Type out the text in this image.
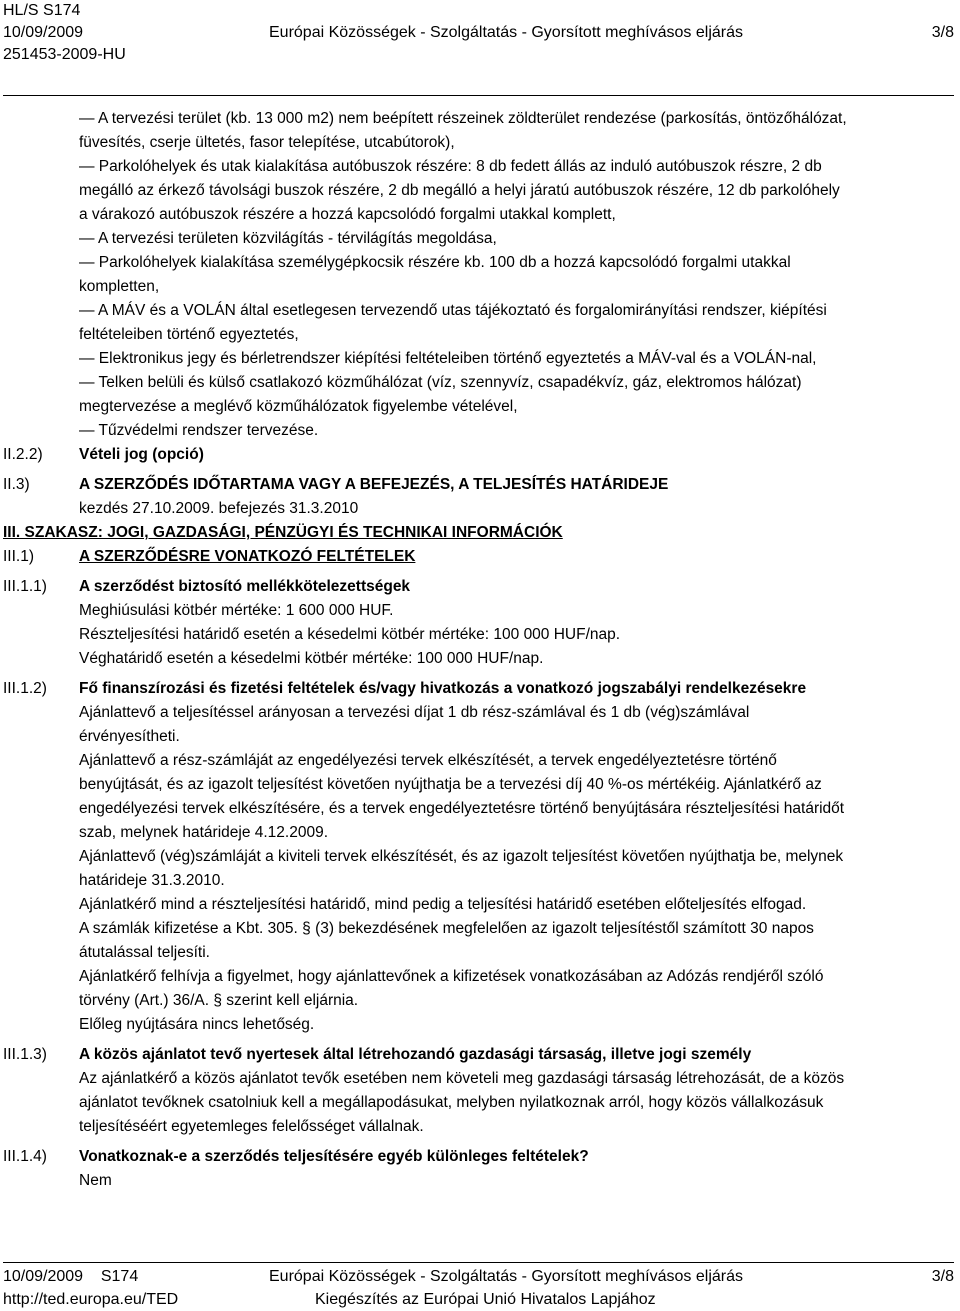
HL/S S174
10/09/2009
251453-2009-HU
Európai Közösségek - Szolgáltatás - Gyorsított meghívásos eljárás	3/8
— A tervezési terület (kb. 13 000 m2) nem beépített részeinek zöldterület rendezése (parkosítás, öntözőhálózat,
füvesítés, cserje ültetés, fasor telepítése, utcabútorok),
— Parkolóhelyek és utak kialakítása autóbuszok részére: 8 db fedett állás az induló autóbuszok részre, 2 db
megálló az érkező távolsági buszok részére, 2 db megálló a helyi járatú autóbuszok részére, 12 db parkolóhely
a várakozó autóbuszok részére a hozzá kapcsolódó forgalmi utakkal komplett,
— A tervezési területen közvilágítás - térvilágítás megoldása,
— Parkolóhelyek kialakítása személygépkocsik részére kb. 100 db a hozzá kapcsolódó forgalmi utakkal
kompletten,
— A MÁV és a VOLÁN által esetlegesen tervezendő utas tájékoztató és forgalomirányítási rendszer, kiépítési
feltételeiben történő egyeztetés,
— Elektronikus jegy és bérletrendszer kiépítési feltételeiben történő egyeztetés a MÁV-val és a VOLÁN-nal,
— Telken belüli és külső csatlakozó közműhálózat (víz, szennyvíz, csapadékvíz, gáz, elektromos hálózat)
megtervezése a meglévő közműhálózatok figyelembe vételével,
— Tűzvédelmi rendszer tervezése.
II.2.2) Vételi jog (opció)
II.3)	A SZERZŐDÉS IDŐTARTAMA VAGY A BEFEJEZÉS, A TELJESÍTÉS HATÁRIDEJE
kezdés 27.10.2009. befejezés 31.3.2010
III. SZAKASZ: JOGI, GAZDASÁGI, PÉNZÜGYI ÉS TECHNIKAI INFORMÁCIÓK
III.1)	A SZERZŐDÉSRE VONATKOZÓ FELTÉTELEK
III.1.1) A szerződést biztosító mellékkötelezettségek
Meghiúsulási kötbér mértéke: 1 600 000 HUF.
Részteljesítési határidő esetén a késedelmi kötbér mértéke: 100 000 HUF/nap.
Véghatáridő esetén a késedelmi kötbér mértéke: 100 000 HUF/nap.
III.1.2) Fő finanszírozási és fizetési feltételek és/vagy hivatkozás a vonatkozó jogszabályi rendelkezésekre
Ajánlattevő a teljesítéssel arányosan a tervezési díjat 1 db rész-számlával és 1 db (vég)számlával
érvényesítheti.
Ajánlattevő a rész-számláját az engedélyezési tervek elkészítését, a tervek engedélyeztetésre történő
benyújtását, és az igazolt teljesítést követően nyújthatja be a tervezési díj 40 %-os mértékéig. Ajánlatkérő az
engedélyezési tervek elkészítésére, és a tervek engedélyeztetésre történő benyújtására részteljesítési határidőt
szab, melynek határideje 4.12.2009.
Ajánlattevő (vég)számláját a kiviteli tervek elkészítését, és az igazolt teljesítést követően nyújthatja be, melynek
határideje 31.3.2010.
Ajánlatkérő mind a részteljesítési határidő, mind pedig a teljesítési határidő esetében előteljesítés elfogad.
A számlák kifizetése a Kbt. 305. § (3) bekezdésének megfelelően az igazolt teljesítéstől számított 30 napos
átutalással teljesíti.
Ajánlatkérő felhívja a figyelmet, hogy ajánlattevőnek a kifizetések vonatkozásában az Adózás rendjéről szóló
törvény (Art.) 36/A. § szerint kell eljárnia.
Előleg nyújtására nincs lehetőség.
III.1.3) A közös ajánlatot tevő nyertesek által létrehozandó gazdasági társaság, illetve jogi személy
Az ajánlatkérő a közös ajánlatot tevők esetében nem követeli meg gazdasági társaság létrehozását, de a közös
ajánlatot tevőknek csatolniuk kell a megállapodásukat, melyben nyilatkoznak arról, hogy közös vállalkozásuk
teljesítéséért egyetemleges felelősséget vállalnak.
III.1.4) Vonatkoznak-e a szerződés teljesítésére egyéb különleges feltételek?
Nem
10/09/2009 S174
http://ted.europa.eu/TED
Európai Közösségek - Szolgáltatás - Gyorsított meghívásos eljárás
Kiegészítés az Európai Unió Hivatalos Lapjához
3/8
